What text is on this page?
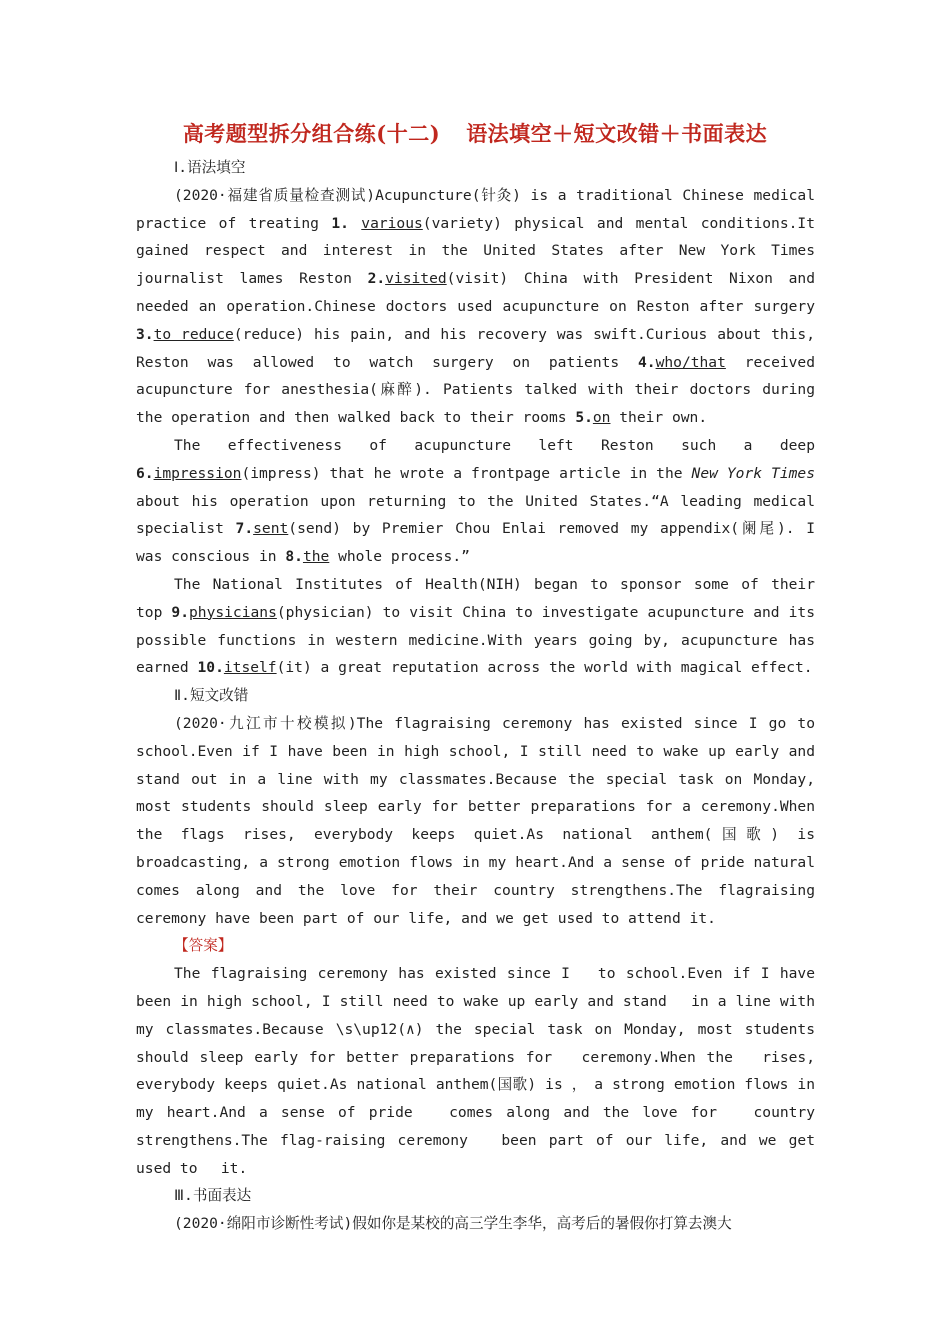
高考题型拆分组合练(十二) 语法填空＋短文改错＋书面表达
Ⅰ.语法填空

(2020·福建省质量检查测试)Acupuncture(针灸) is a traditional Chinese medical practice of treating 1. various(variety) physical and mental conditions.It gained respect and interest in the United States after New York Times journalist lames Reston 2.visited(visit) China with President Nixon and needed an operation.Chinese doctors used acupuncture on Reston after surgery 3.to reduce(reduce) his pain, and his recovery was swift.Curious about this, Reston was allowed to watch surgery on patients 4.who/that received acupuncture for anesthesia(麻醉). Patients talked with their doctors during the operation and then walked back to their rooms 5.on their own.

The effectiveness of acupuncture left Reston such a deep 6.impression(impress) that he wrote a frontpage article in the New York Times about his operation upon returning to the United States.“A leading medical specialist 7.sent(send) by Premier Chou Enlai removed my appendix(阑尾). I was conscious in 8.the whole process.”

The National Institutes of Health(NIH) began to sponsor some of their top 9.physicians(physician) to visit China to investigate acupuncture and its possible functions in western medicine.With years going by, acupuncture has earned 10.itself(it) a great reputation across the world with magical effect.

Ⅱ.短文改错

(2020·九江市十校模拟)The flagraising ceremony has existed since I go to school.Even if I have been in high school, I still need to wake up early and stand out in a line with my classmates.Because the special task on Monday, most students should sleep early for better preparations for a ceremony.When the flags rises, everybody keeps quiet.As national anthem(国歌) is broadcasting, a strong emotion flows in my heart.And a sense of pride natural comes along and the love for their country strengthens.The flagraising ceremony have been part of our life, and we get used to attend it.

【答案】

The flagraising ceremony has existed since I　 to school.Even if I have been in high school, I still need to wake up early and stand　 in a line with my classmates.Because \s\up12(∧) the special task on Monday, most students should sleep early for better preparations for　 ceremony.When the　 rises, everybody keeps quiet.As national anthem(国歌) is ，　a strong emotion flows in my heart.And a sense of pride　 comes along and the love for　 country strengthens.The flag-raising ceremony　 been part of our life, and we get used to　 it.

Ⅲ.书面表达

(2020·绵阳市诊断性考试)假如你是某校的高三学生李华，高考后的暑假你打算去澳大
